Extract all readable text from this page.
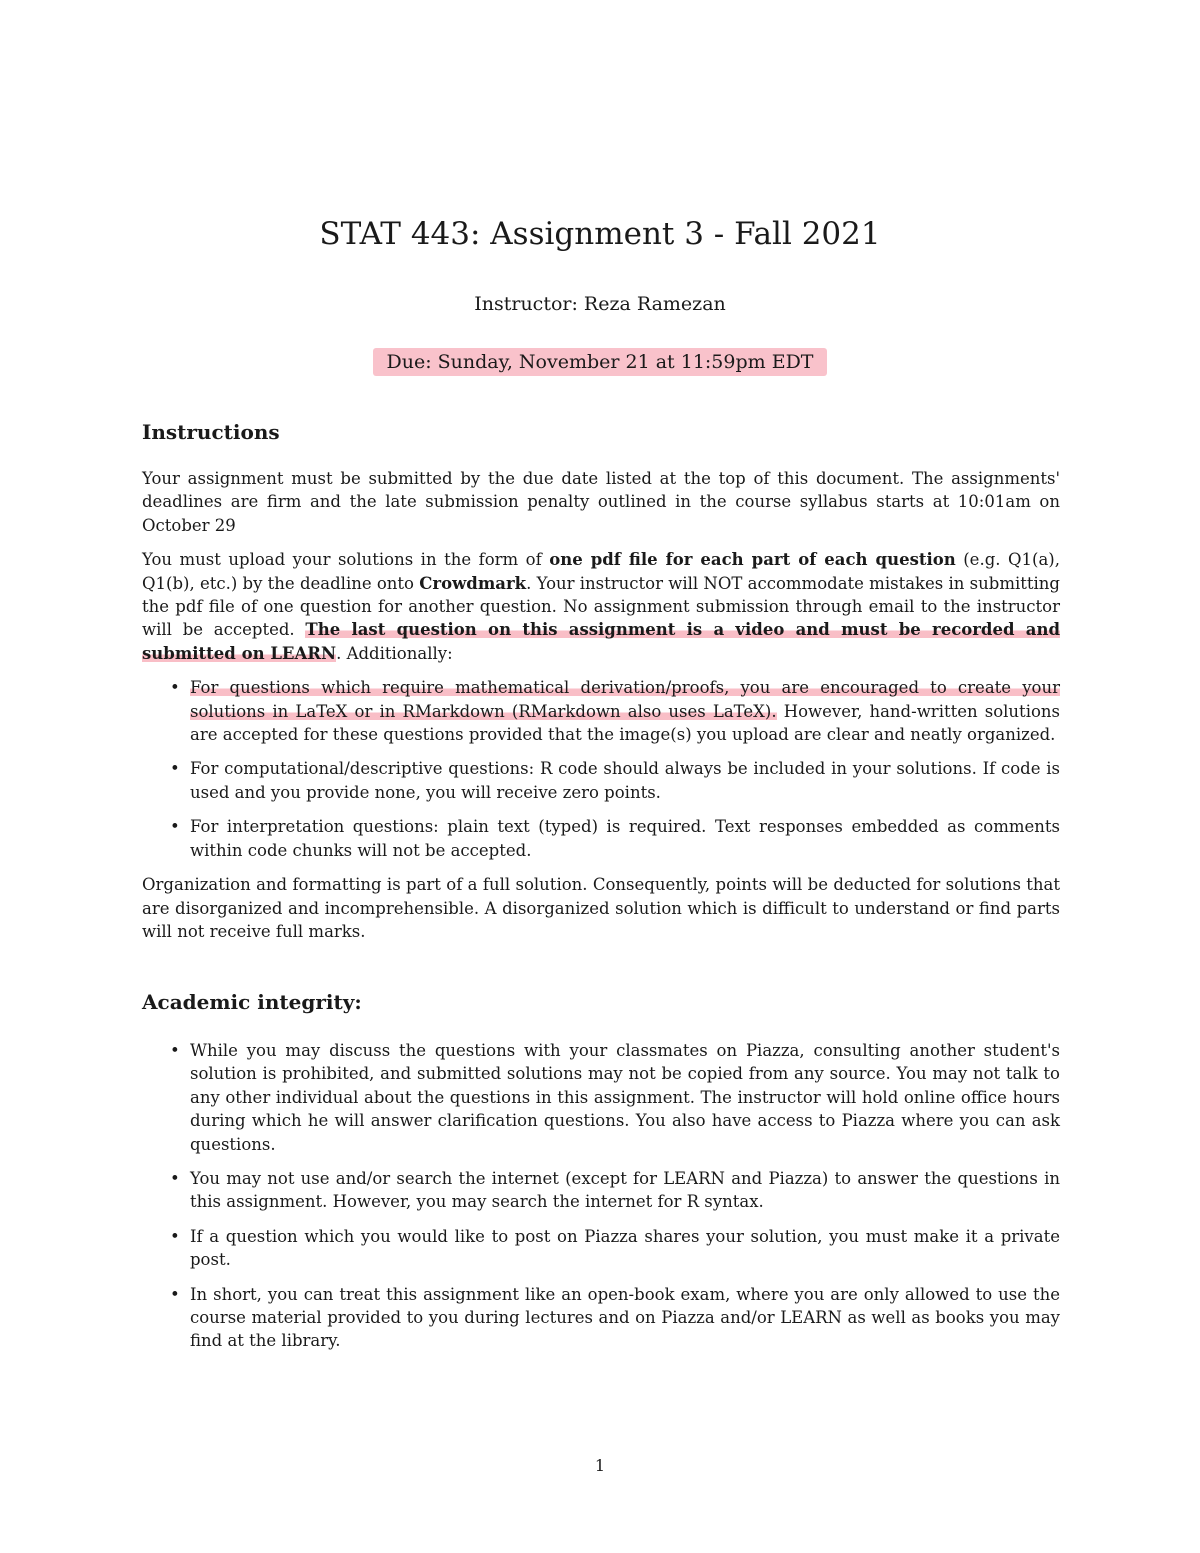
STAT 443: Assignment 3 - Fall 2021
Instructor: Reza Ramezan
Due: Sunday, November 21 at 11:59pm EDT
Instructions

Your assignment must be submitted by the due date listed at the top of this document. The assignments' deadlines are firm and the late submission penalty outlined in the course syllabus starts at 10:01am on October 29

You must upload your solutions in the form of one pdf file for each part of each question (e.g. Q1(a), Q1(b), etc.) by the deadline onto Crowdmark. Your instructor will NOT accommodate mistakes in submitting the pdf file of one question for another question. No assignment submission through email to the instructor will be accepted. The last question on this assignment is a video and must be recorded and submitted on LEARN. Additionally:

• For questions which require mathematical derivation/proofs, you are encouraged to create your solutions in LaTeX or in RMarkdown (RMarkdown also uses LaTeX). However, hand-written solutions are accepted for these questions provided that the image(s) you upload are clear and neatly organized.
• For computational/descriptive questions: R code should always be included in your solutions. If code is used and you provide none, you will receive zero points.
• For interpretation questions: plain text (typed) is required. Text responses embedded as comments within code chunks will not be accepted.

Organization and formatting is part of a full solution. Consequently, points will be deducted for solutions that are disorganized and incomprehensible. A disorganized solution which is difficult to understand or find parts will not receive full marks.

Academic integrity:
• While you may discuss the questions with your classmates on Piazza, consulting another student's solution is prohibited, and submitted solutions may not be copied from any source. You may not talk to any other individual about the questions in this assignment. The instructor will hold online office hours during which he will answer clarification questions. You also have access to Piazza where you can ask questions.
• You may not use and/or search the internet (except for LEARN and Piazza) to answer the questions in this assignment. However, you may search the internet for R syntax.
• If a question which you would like to post on Piazza shares your solution, you must make it a private post.
• In short, you can treat this assignment like an open-book exam, where you are only allowed to use the course material provided to you during lectures and on Piazza and/or LEARN as well as books you may find at the library.
1
